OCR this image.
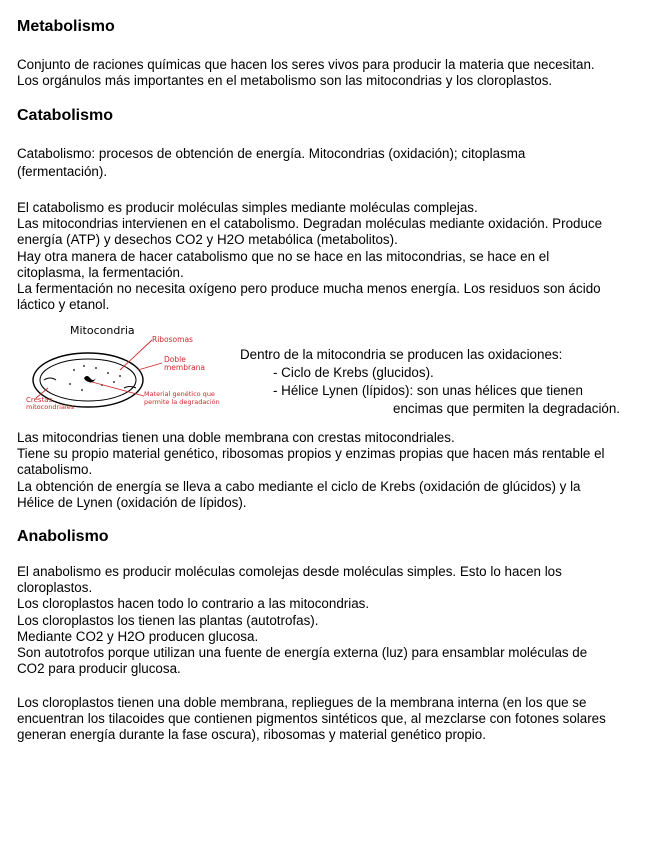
Metabolismo
Conjunto de raciones químicas que hacen los seres vivos para producir la materia que necesitan.
Los orgánulos más importantes en el metabolismo son las mitocondrias y los cloroplastos.
Catabolismo
Catabolismo: procesos de obtención de energía. Mitocondrias (oxidación); citoplasma
(fermentación).
El catabolismo es producir moléculas simples mediante moléculas complejas.
Las mitocondrias intervienen en el catabolismo. Degradan moléculas mediante oxidación. Produce
energía (ATP) y desechos CO2 y H2O metabólica (metabolitos).
Hay otra manera de hacer catabolismo que no se hace en las mitocondrias, se hace en el
citoplasma, la fermentación.
La fermentación no necesita oxígeno pero produce mucha menos energía. Los residuos son ácido
láctico y etanol.
Mitocondria
Ribosomas
Doble
membrana
Material genético que
permite la degradación
Crestas
mitocondriales
Dentro de la mitocondria se producen las oxidaciones:
- Ciclo de Krebs (glucidos).
- Hélice Lynen (lípidos): son unas hélices que tienen
encimas que permiten la degradación.
Las mitocondrias tienen una doble membrana con crestas mitocondriales.
Tiene su propio material genético, ribosomas propios y enzimas propias que hacen más rentable el
catabolismo.
La obtención de energía se lleva a cabo mediante el ciclo de Krebs (oxidación de glúcidos) y la
Hélice de Lynen (oxidación de lípidos).
Anabolismo
El anabolismo es producir moléculas comolejas desde moléculas simples. Esto lo hacen los
cloroplastos.
Los cloroplastos hacen todo lo contrario a las mitocondrias.
Los cloroplastos los tienen las plantas (autotrofas).
Mediante CO2 y H2O producen glucosa.
Son autotrofos porque utilizan una fuente de energía externa (luz) para ensamblar moléculas de
CO2 para producir glucosa.
Los cloroplastos tienen una doble membrana, repliegues de la membrana interna (en los que se
encuentran los tilacoides que contienen pigmentos sintéticos que, al mezclarse con fotones solares
generan energía durante la fase oscura), ribosomas y material genético propio.
